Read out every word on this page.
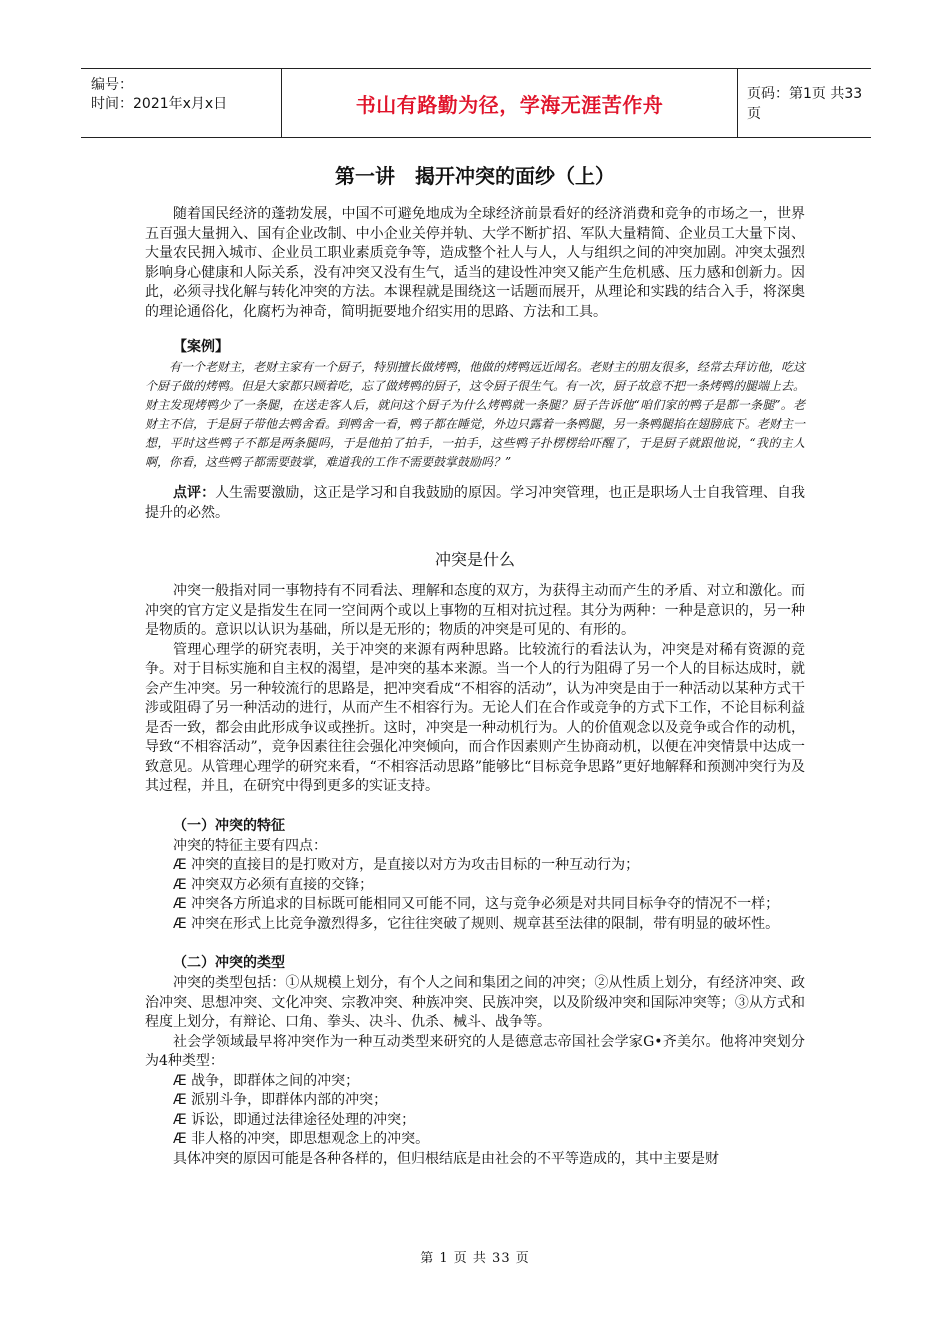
编号：
时间：2021年x月x日	书山有路勤为径，学海无涯苦作舟	页码：第1页 共33页
第一讲　揭开冲突的面纱（上）

随着国民经济的蓬勃发展，中国不可避免地成为全球经济前景看好的经济消费和竞争的市场之一，世界五百强大量拥入、国有企业改制、中小企业关停并轨、大学不断扩招、军队大量精简、企业员工大量下岗、大量农民拥入城市、企业员工职业素质竞争等，造成整个社人与人，人与组织之间的冲突加剧。冲突太强烈影响身心健康和人际关系，没有冲突又没有生气，适当的建设性冲突又能产生危机感、压力感和创新力。因此，必须寻找化解与转化冲突的方法。本课程就是围绕这一话题而展开，从理论和实践的结合入手，将深奥的理论通俗化，化腐朽为神奇，简明扼要地介绍实用的思路、方法和工具。

【案例】

有一个老财主，老财主家有一个厨子，特别擅长做烤鸭，他做的烤鸭远近闻名。老财主的朋友很多，经常去拜访他，吃这个厨子做的烤鸭。但是大家都只顾着吃，忘了做烤鸭的厨子，这令厨子很生气。有一次，厨子故意不把一条烤鸭的腿端上去。财主发现烤鸭少了一条腿，在送走客人后，就问这个厨子为什么烤鸭就一条腿？厨子告诉他“咱们家的鸭子是都一条腿”。老财主不信，于是厨子带他去鸭舍看。到鸭舍一看，鸭子都在睡觉，外边只露着一条鸭腿，另一条鸭腿掐在翅膀底下。老财主一想，平时这些鸭子不都是两条腿吗，于是他拍了拍手，一拍手，这些鸭子扑楞楞给吓醒了，于是厨子就跟他说，“我的主人啊，你看，这些鸭子都需要鼓掌，难道我的工作不需要鼓掌鼓励吗？”

点评：人生需要激励，这正是学习和自我鼓励的原因。学习冲突管理，也正是职场人士自我管理、自我提升的必然。

冲突是什么

冲突一般指对同一事物持有不同看法、理解和态度的双方，为获得主动而产生的矛盾、对立和激化。而冲突的官方定义是指发生在同一空间两个或以上事物的互相对抗过程。其分为两种：一种是意识的，另一种是物质的。意识以认识为基础，所以是无形的；物质的冲突是可见的、有形的。

管理心理学的研究表明，关于冲突的来源有两种思路。比较流行的看法认为，冲突是对稀有资源的竞争。对于目标实施和自主权的渴望，是冲突的基本来源。当一个人的行为阻碍了另一个人的目标达成时，就会产生冲突。另一种较流行的思路是，把冲突看成“不相容的活动”，认为冲突是由于一种活动以某种方式干涉或阻碍了另一种活动的进行，从而产生不相容行为。无论人们在合作或竞争的方式下工作，不论目标利益是否一致，都会由此形成争议或挫折。这时，冲突是一种动机行为。人的价值观念以及竞争或合作的动机，导致“不相容活动”，竞争因素往往会强化冲突倾向，而合作因素则产生协商动机，以便在冲突情景中达成一致意见。从管理心理学的研究来看，“不相容活动思路”能够比“目标竞争思路”更好地解释和预测冲突行为及其过程，并且，在研究中得到更多的实证支持。

（一）冲突的特征

冲突的特征主要有四点：

Æ 冲突的直接目的是打败对方，是直接以对方为攻击目标的一种互动行为；

Æ 冲突双方必须有直接的交锋；

Æ 冲突各方所追求的目标既可能相同又可能不同，这与竞争必须是对共同目标争夺的情况不一样；

Æ 冲突在形式上比竞争激烈得多，它往往突破了规则、规章甚至法律的限制，带有明显的破坏性。

（二）冲突的类型

冲突的类型包括：①从规模上划分，有个人之间和集团之间的冲突；②从性质上划分，有经济冲突、政治冲突、思想冲突、文化冲突、宗教冲突、种族冲突、民族冲突，以及阶级冲突和国际冲突等；③从方式和程度上划分，有辩论、口角、拳头、决斗、仇杀、械斗、战争等。

社会学领域最早将冲突作为一种互动类型来研究的人是德意志帝国社会学家G•齐美尔。他将冲突划分为4种类型：

Æ 战争，即群体之间的冲突；

Æ 派别斗争，即群体内部的冲突；

Æ 诉讼，即通过法律途径处理的冲突；

Æ 非人格的冲突，即思想观念上的冲突。

具体冲突的原因可能是各种各样的，但归根结底是由社会的不平等造成的，其中主要是财

第 1 页 共 33 页
